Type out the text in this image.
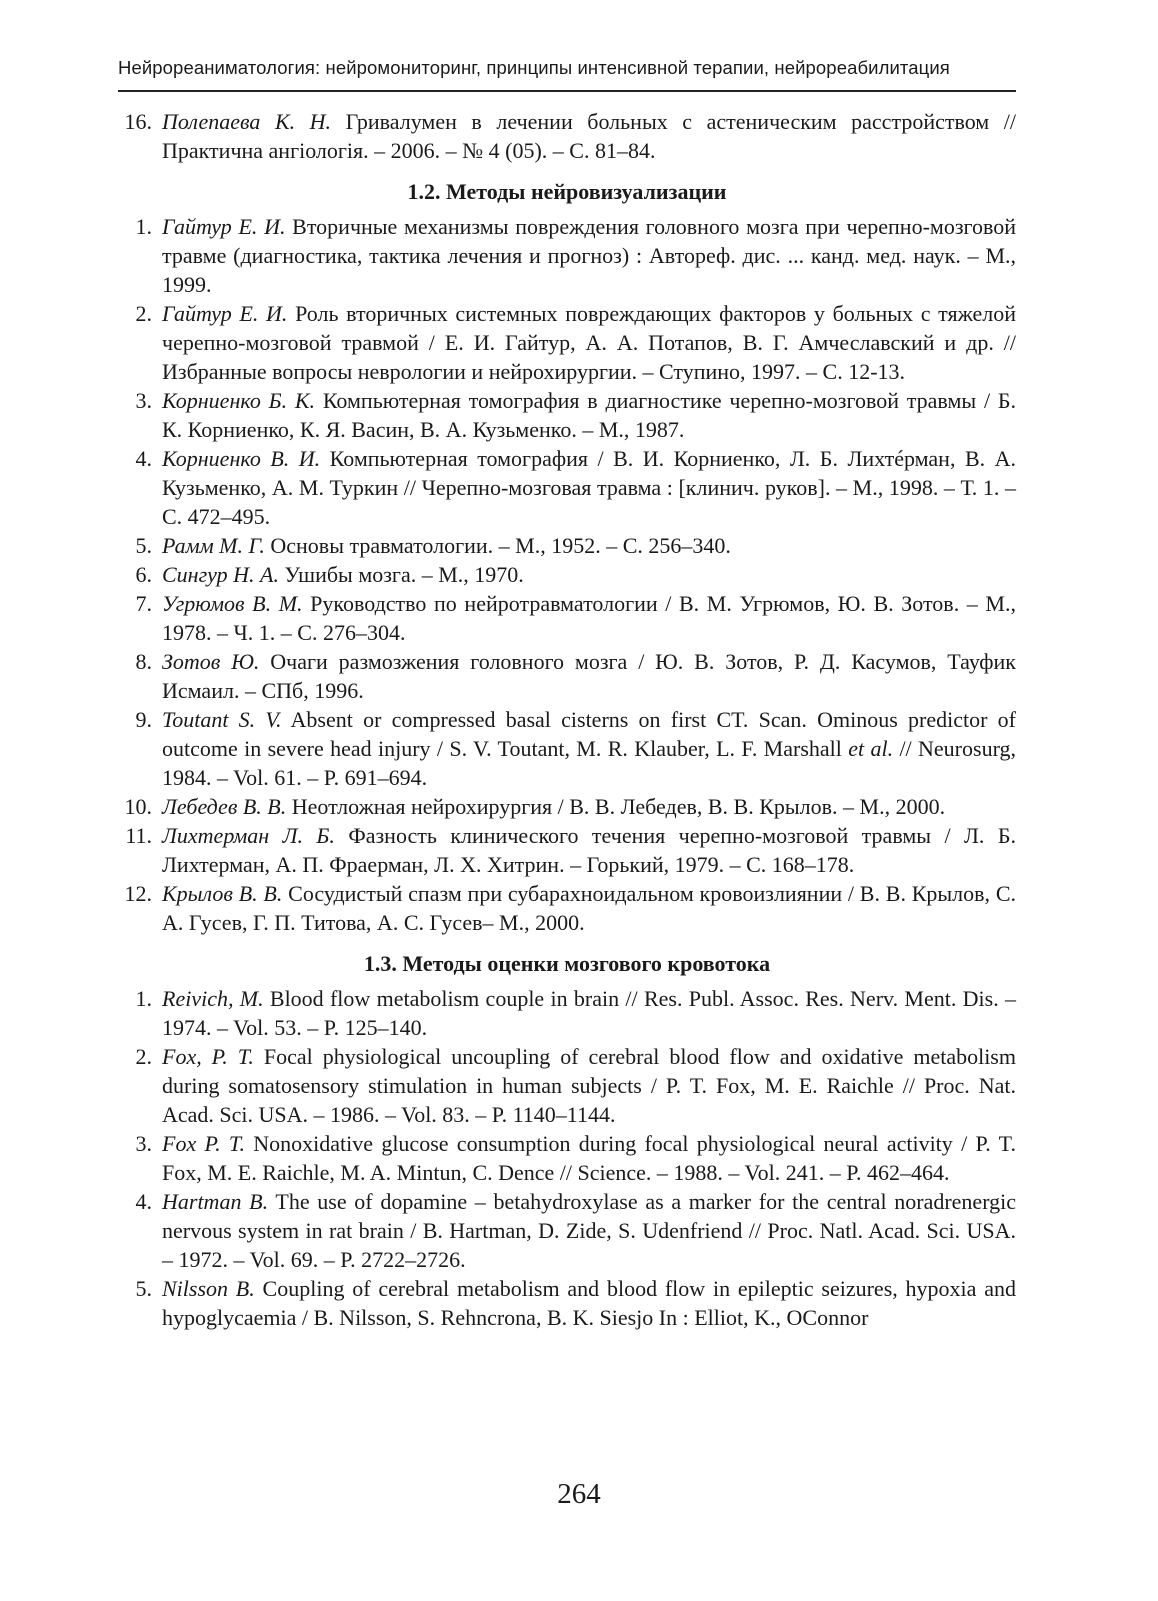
Нейрореаниматология: нейромониторинг, принципы интенсивной терапии, нейрореабилитация
16. Полепаева К. Н. Гривалумен в лечении больных с астеническим расстройством // Практична ангіологія. – 2006. – № 4 (05). – С. 81–84.
1.2. Методы нейровизуализации
1. Гайтур Е. И. Вторичные механизмы повреждения головного мозга при черепно-мозговой травме (диагностика, тактика лечения и прогноз) : Автореф. дис. ... канд. мед. наук. – М., 1999.
2. Гайтур Е. И. Роль вторичных системных повреждающих факторов у больных с тяжелой черепно-мозговой травмой / Е. И. Гайтур, А. А. Потапов, В. Г. Амчеславский и др. // Избранные вопросы неврологии и нейрохирургии. – Ступино, 1997. – С. 12-13.
3. Корниенко Б. К. Компьютерная томография в диагностике черепно-мозговой травмы / Б. К. Корниенко, К. Я. Васин, В. А. Кузьменко. – М., 1987.
4. Корниенко В. И. Компьютерная томография / В. И. Корниенко, Л. Б. Лихтéрман, В. А. Кузьменко, А. М. Туркин // Черепно-мозговая травма : [клинич. руков]. – М., 1998. – Т. 1. – С. 472–495.
5. Рамм М. Г. Основы травматологии. – М., 1952. – С. 256–340.
6. Сингур Н. А. Ушибы мозга. – М., 1970.
7. Угрюмов В. М. Руководство по нейротравматологии / В. М. Угрюмов, Ю. В. Зотов. – М., 1978. – Ч. 1. – С. 276–304.
8. Зотов Ю. Очаги размозжения головного мозга / Ю. В. Зотов, Р. Д. Касумов, Тауфик Исмаил. – СПб, 1996.
9. Toutant S. V. Absent or compressed basal cisterns on first CT. Scan. Ominous predictor of outcome in severe head injury / S. V. Toutant, M. R. Klauber, L. F. Marshall et al. // Neurosurg, 1984. – Vol. 61. – P. 691–694.
10. Лебедев В. В. Неотложная нейрохирургия / В. В. Лебедев, В. В. Крылов. – М., 2000.
11. Лихтерман Л. Б. Фазность клинического течения черепно-мозговой травмы / Л. Б. Лихтерман, А. П. Фраерман, Л. Х. Хитрин. – Горький, 1979. – С. 168–178.
12. Крылов В. В. Сосудистый спазм при субарахноидальном кровоизлиянии / В. В. Крылов, С. А. Гусев, Г. П. Титова, А. С. Гусев– М., 2000.
1.3. Методы оценки мозгового кровотока
1. Reivich, M. Blood flow metabolism couple in brain // Res. Publ. Assoc. Res. Nerv. Ment. Dis. – 1974. – Vol. 53. – P. 125–140.
2. Fox, P. T. Focal physiological uncoupling of cerebral blood flow and oxidative metabolism during somatosensory stimulation in human subjects / P. T. Fox, M. E. Raichle // Proc. Nat. Acad. Sci. USA. – 1986. – Vol. 83. – P. 1140–1144.
3. Fox P. T. Nonoxidative glucose consumption during focal physiological neural activity / P. T. Fox, M. E. Raichle, M. A. Mintun, C. Dence // Science. – 1988. – Vol. 241. – P. 462–464.
4. Hartman B. The use of dopamine – betahydroxylase as a marker for the central noradrenergic nervous system in rat brain / B. Hartman, D. Zide, S. Udenfriend // Proc. Natl. Acad. Sci. USA. – 1972. – Vol. 69. – P. 2722–2726.
5. Nilsson B. Coupling of cerebral metabolism and blood flow in epileptic seizures, hypoxia and hypoglycaemia / B. Nilsson, S. Rehncrona, B. K. Siesjo In : Elliot, K., OConnor
264
